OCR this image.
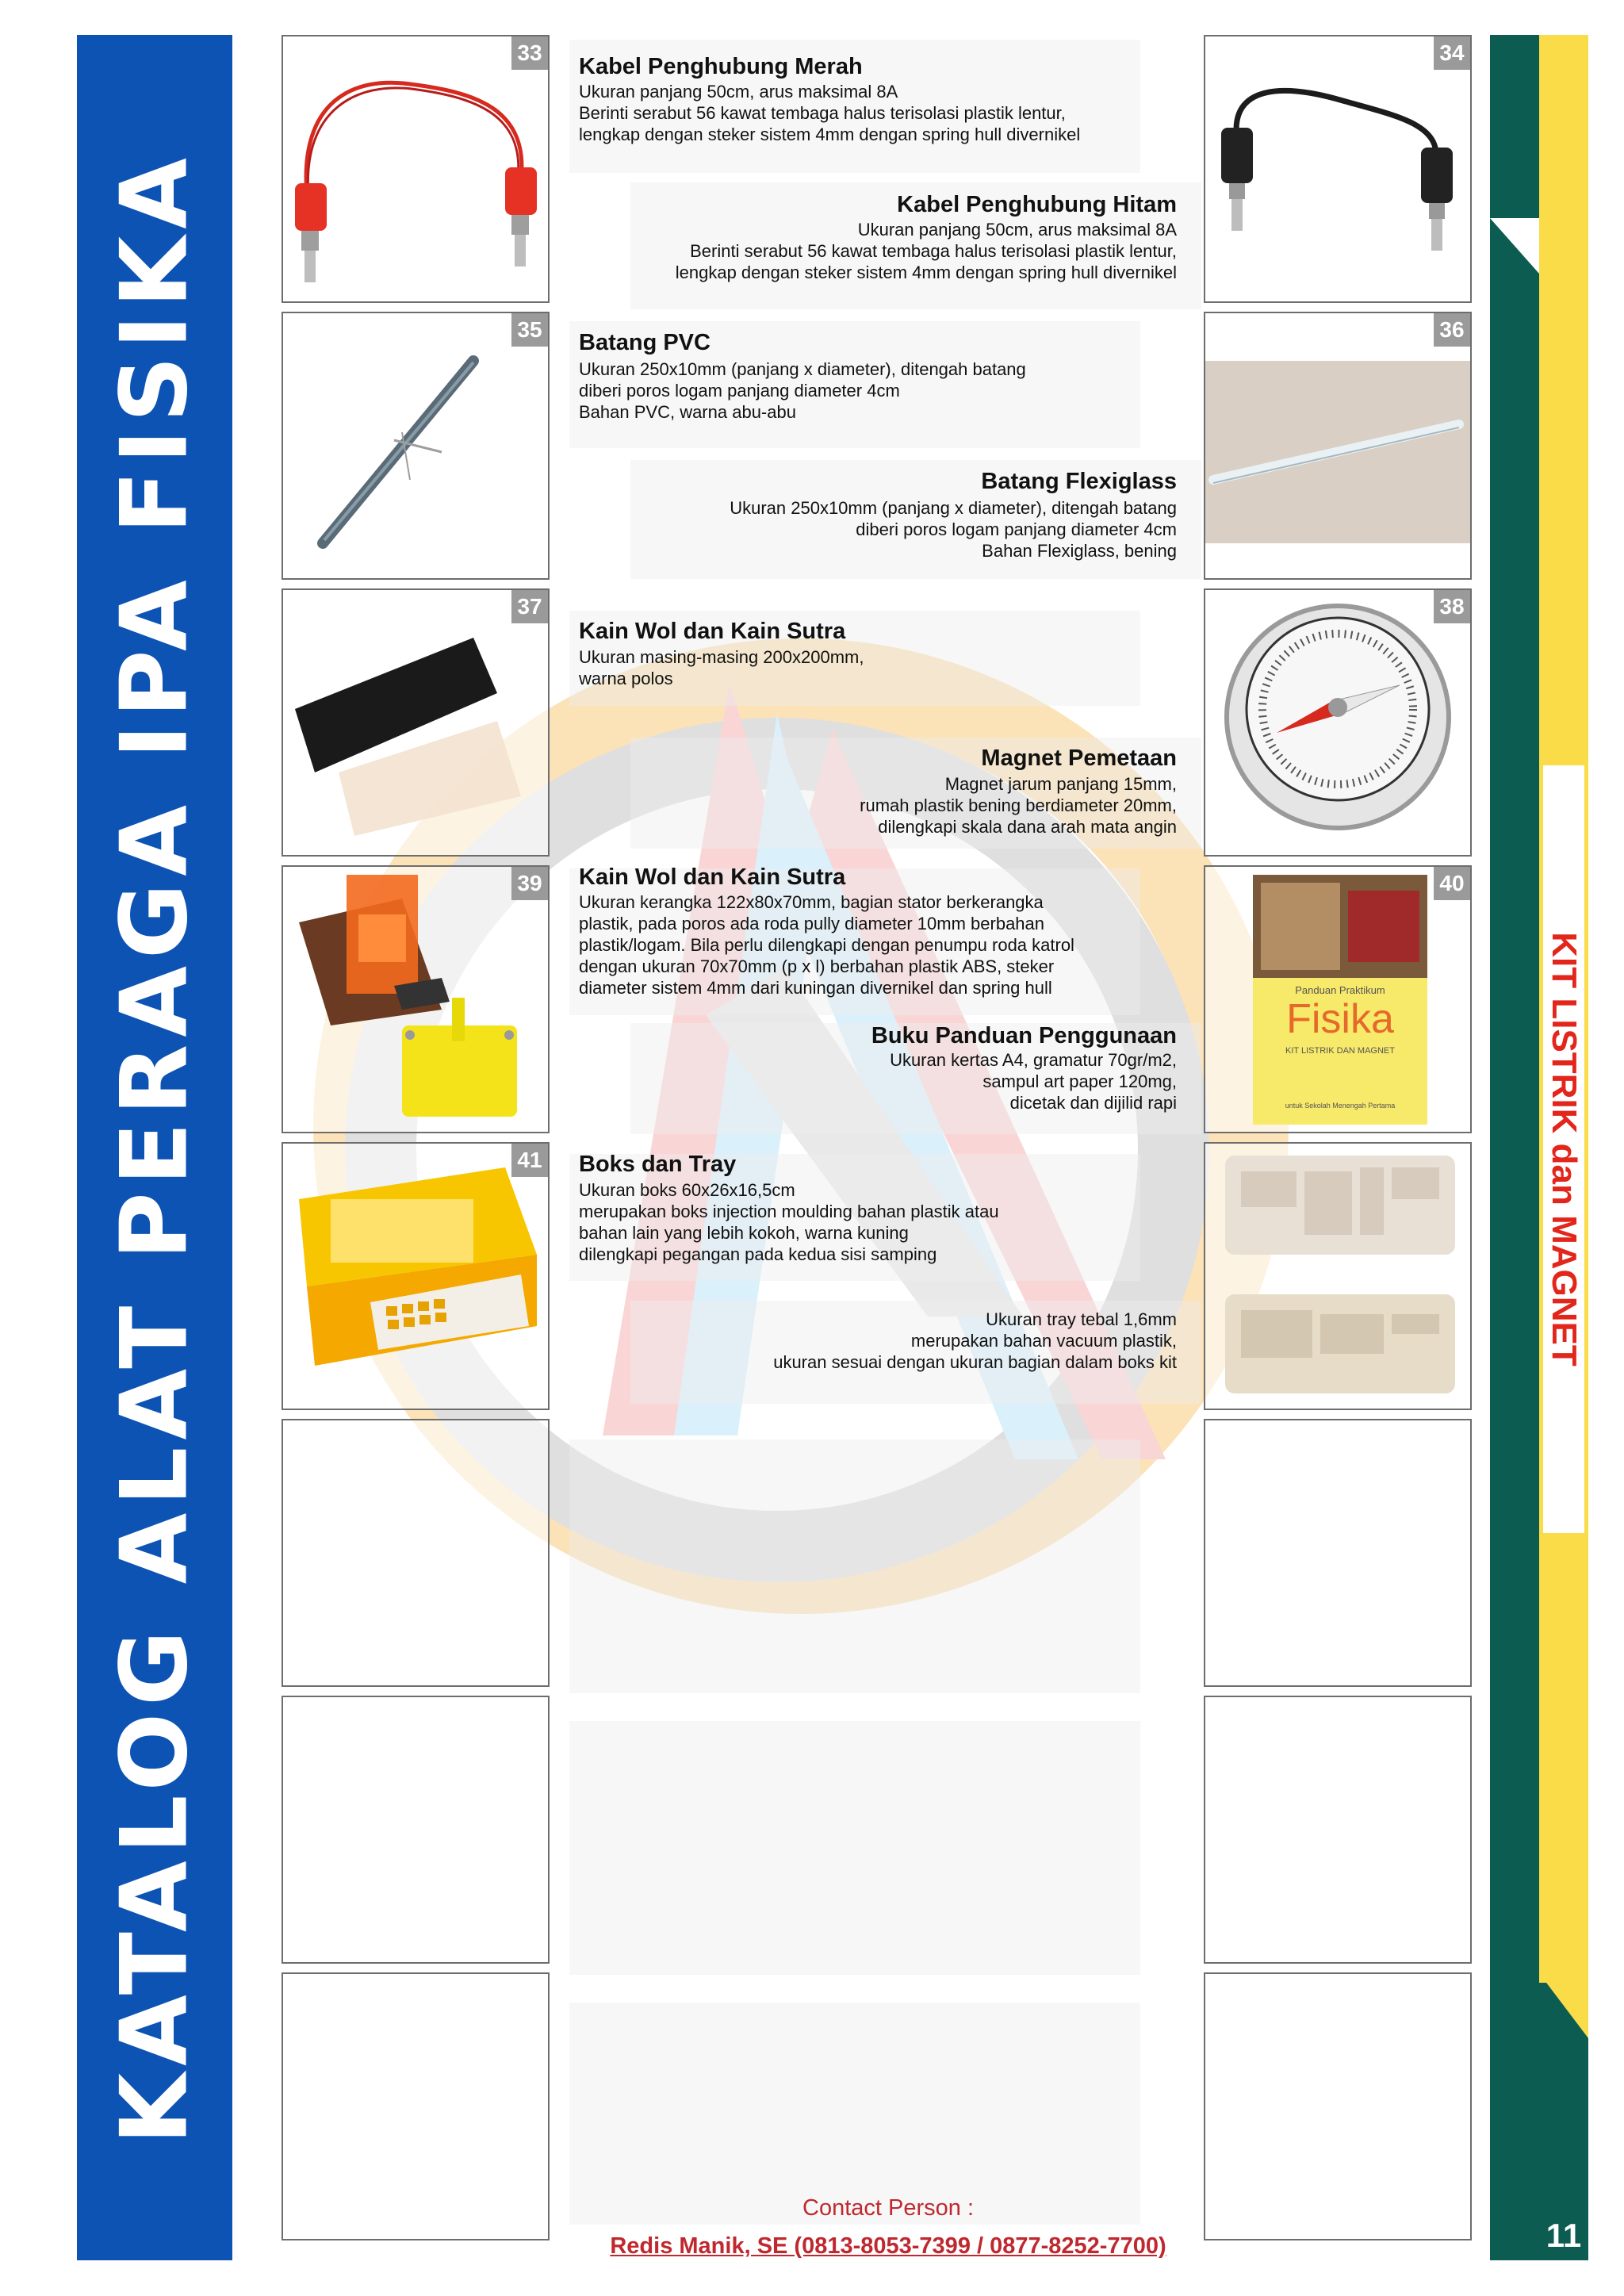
KATALOG ALAT PERAGA IPA FISIKA	KIT LISTRIK dan MAGNET
11
33
Kabel Penghubung Merah
Ukuran panjang 50cm, arus maksimal 8A
Berinti serabut 56 kawat tembaga halus terisolasi plastik lentur,
lengkap dengan steker sistem 4mm dengan spring hull divernikel
34
Kabel Penghubung Hitam
Ukuran panjang 50cm, arus maksimal 8A
Berinti serabut 56 kawat tembaga halus terisolasi plastik lentur,
lengkap dengan steker sistem 4mm dengan spring hull divernikel
35
Batang PVC
Ukuran 250x10mm (panjang x diameter), ditengah batang
diberi poros logam panjang diameter 4cm
Bahan PVC, warna abu-abu
36
Batang Flexiglass
Ukuran 250x10mm (panjang x diameter), ditengah batang
diberi poros logam panjang diameter 4cm
Bahan Flexiglass, bening
37
Kain Wol dan Kain Sutra
Ukuran masing-masing 200x200mm,
warna polos
38
Magnet Pemetaan
Magnet jarum panjang 15mm,
rumah plastik bening berdiameter 20mm,
dilengkapi skala dana arah mata angin
39 Kain Wol dan Kain Sutra
Ukuran kerangka 122x80x70mm, bagian stator berkerangka
plastik, pada poros ada roda pully diameter 10mm berbahan
plastik/logam. Bila perlu dilengkapi dengan penumpu roda katrol
dengan ukuran 70x70mm (p x l) berbahan plastik ABS, steker
diameter sistem 4mm dari kuningan divernikel dan spring hull
40
Panduan Praktikum
Fisika
KIT LISTRIK DAN MAGNET
untuk Sekolah Menengah Pertama
Buku Panduan Penggunaan
Ukuran kertas A4, gramatur 70gr/m2,
sampul art paper 120mg,
dicetak dan dijilid rapi
41 Boks dan Tray
Ukuran boks 60x26x16,5cm
merupakan boks injection moulding bahan plastik atau
bahan lain yang lebih kokoh, warna kuning
dilengkapi pegangan pada kedua sisi samping
Ukuran tray tebal 1,6mm
merupakan bahan vacuum plastik,
ukuran sesuai dengan ukuran bagian dalam boks kit
Contact Person :
Redis Manik, SE (0813-8053-7399 / 0877-8252-7700)
